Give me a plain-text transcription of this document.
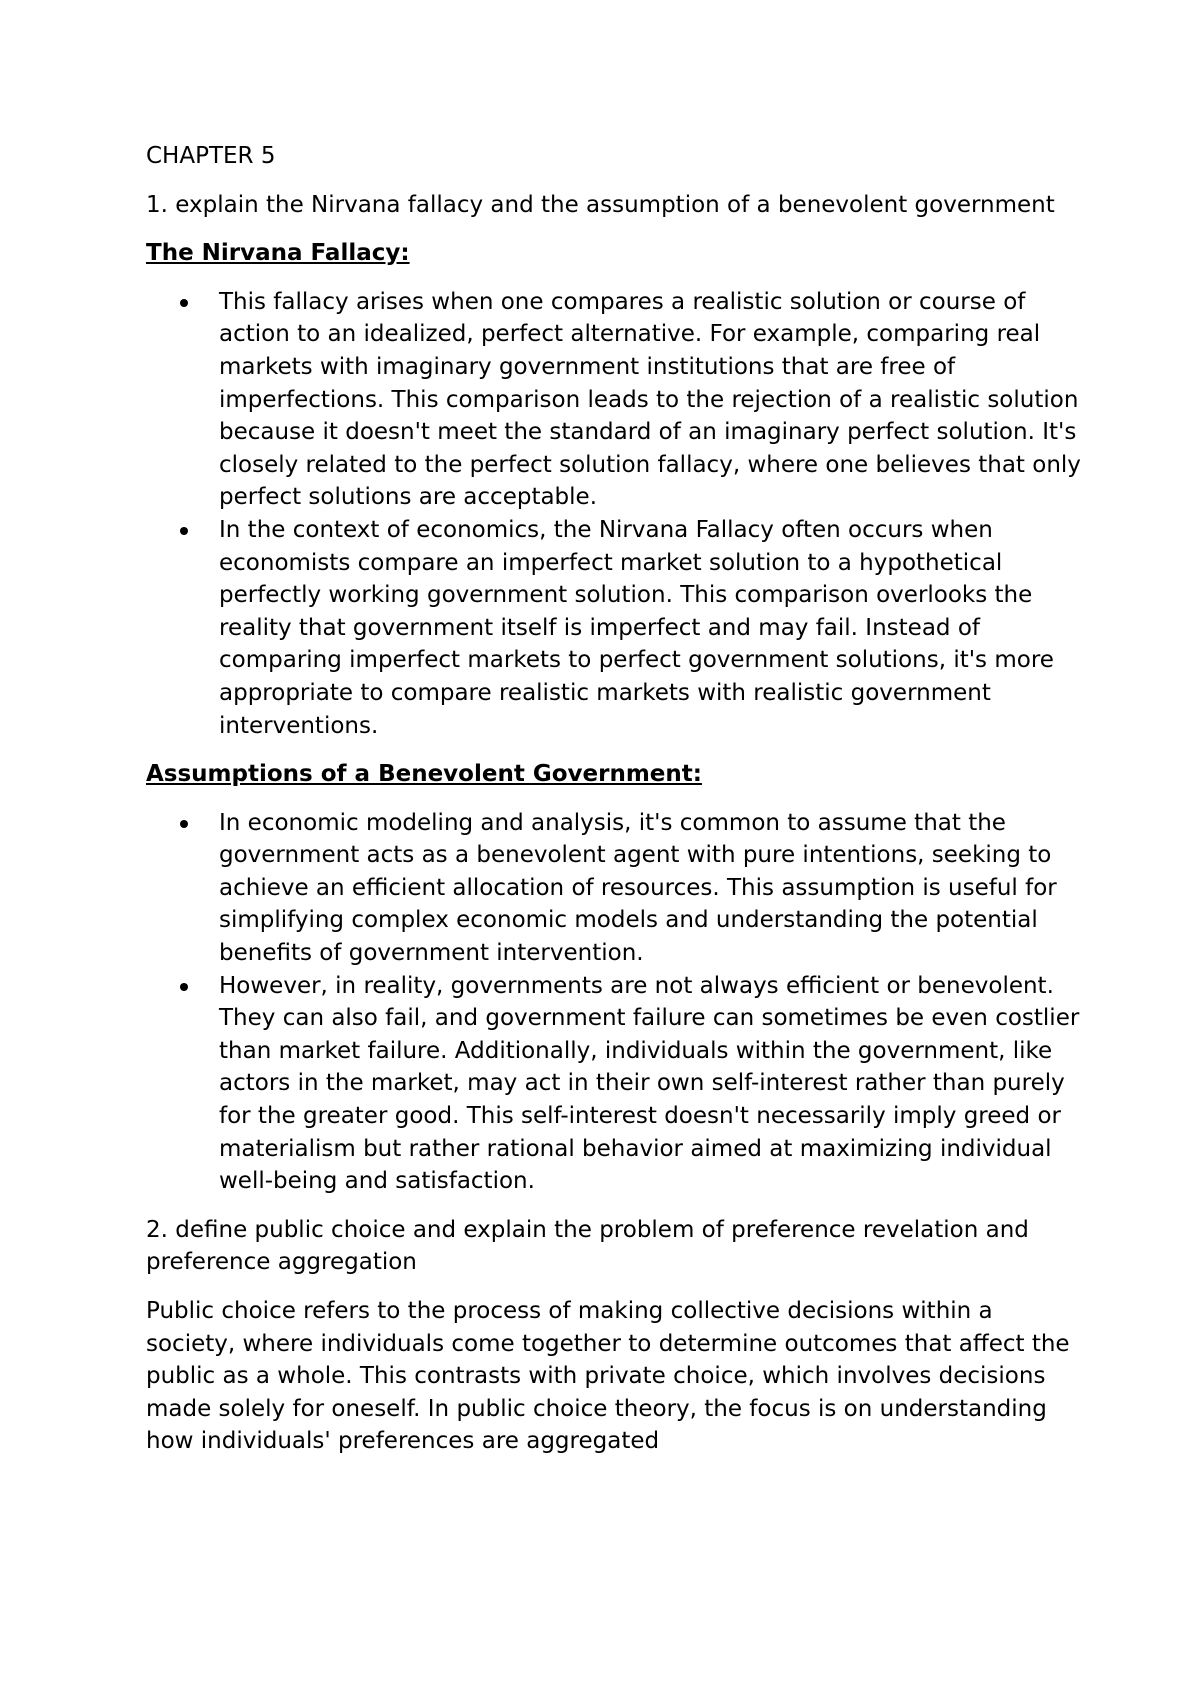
CHAPTER 5

1. explain the Nirvana fallacy and the assumption of a benevolent government

The Nirvana Fallacy:

This fallacy arises when one compares a realistic solution or course of action to an idealized, perfect alternative. For example, comparing real markets with imaginary government institutions that are free of imperfections. This comparison leads to the rejection of a realistic solution because it doesn't meet the standard of an imaginary perfect solution. It's closely related to the perfect solution fallacy, where one believes that only perfect solutions are acceptable.
In the context of economics, the Nirvana Fallacy often occurs when economists compare an imperfect market solution to a hypothetical perfectly working government solution. This comparison overlooks the reality that government itself is imperfect and may fail. Instead of comparing imperfect markets to perfect government solutions, it's more appropriate to compare realistic markets with realistic government interventions.

Assumptions of a Benevolent Government:

In economic modeling and analysis, it's common to assume that the government acts as a benevolent agent with pure intentions, seeking to achieve an efficient allocation of resources. This assumption is useful for simplifying complex economic models and understanding the potential benefits of government intervention.
However, in reality, governments are not always efficient or benevolent. They can also fail, and government failure can sometimes be even costlier than market failure. Additionally, individuals within the government, like actors in the market, may act in their own self-interest rather than purely for the greater good. This self-interest doesn't necessarily imply greed or materialism but rather rational behavior aimed at maximizing individual well-being and satisfaction.

2. define public choice and explain the problem of preference revelation and preference aggregation

Public choice refers to the process of making collective decisions within a society, where individuals come together to determine outcomes that affect the public as a whole. This contrasts with private choice, which involves decisions made solely for oneself. In public choice theory, the focus is on understanding how individuals' preferences are aggregated
